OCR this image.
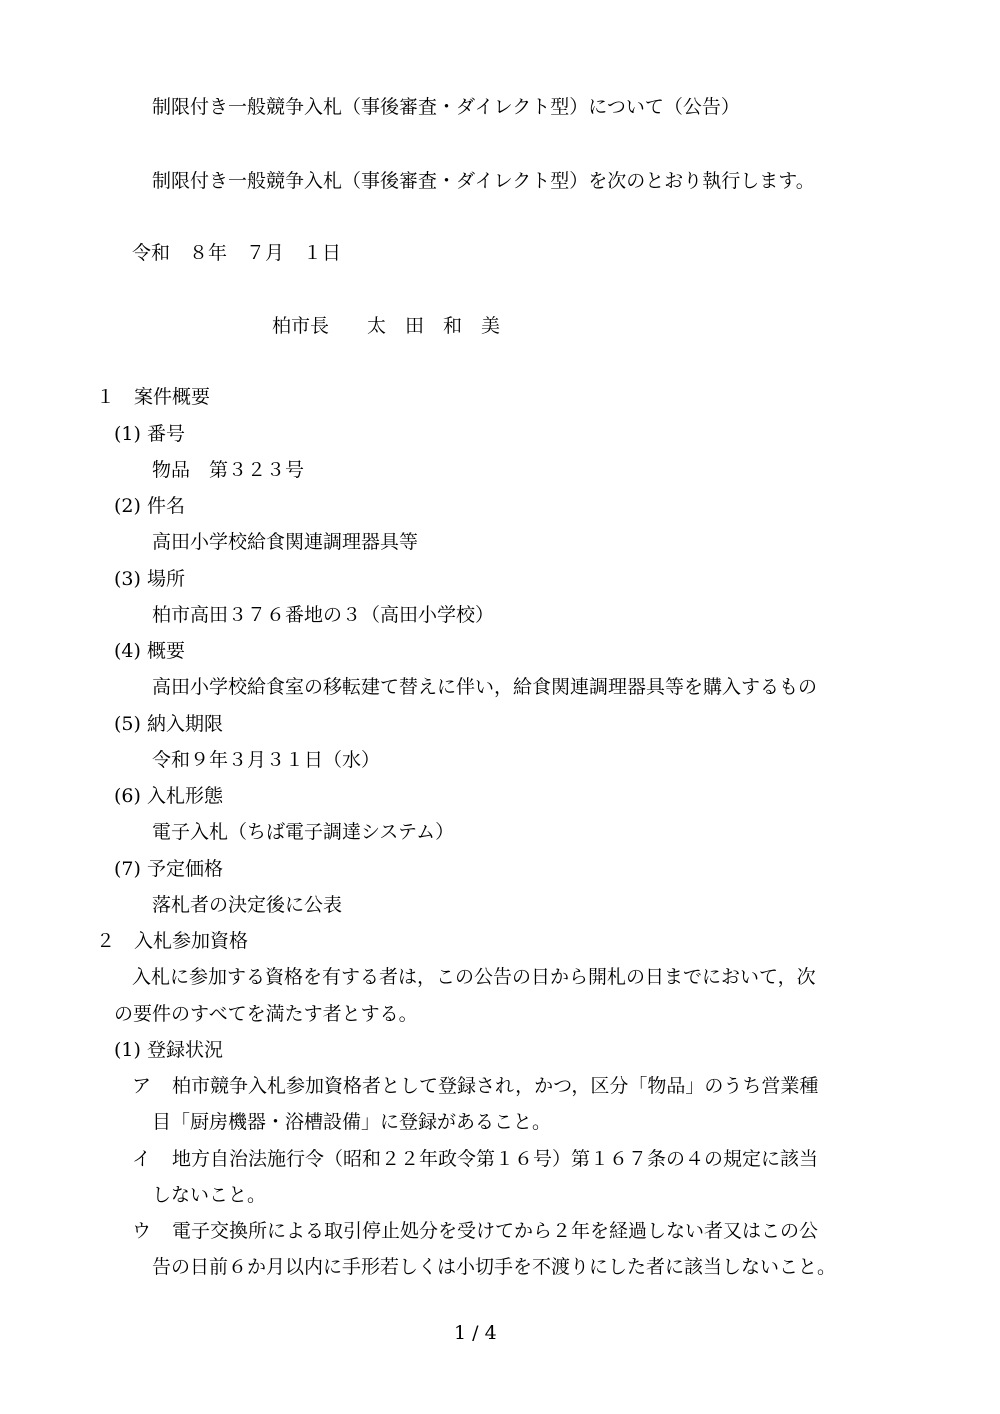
制限付き一般競争入札（事後審査・ダイレクト型）について（公告）
制限付き一般競争入札（事後審査・ダイレクト型）を次のとおり執行します。
令和　８年　７月　１日
柏市長　　太　田　和　美
１　案件概要
(1) 番号
物品　第３２３号
(2) 件名
高田小学校給食関連調理器具等
(3) 場所
柏市高田３７６番地の３（高田小学校）
(4) 概要
高田小学校給食室の移転建て替えに伴い，給食関連調理器具等を購入するもの
(5) 納入期限
令和９年３月３１日（水）
(6) 入札形態
電子入札（ちば電子調達システム）
(7) 予定価格
落札者の決定後に公表
２　入札参加資格
入札に参加する資格を有する者は，この公告の日から開札の日までにおいて，次
の要件のすべてを満たす者とする。
(1) 登録状況
ア 柏市競争入札参加資格者として登録され，かつ，区分「物品」のうち営業種
目「厨房機器・浴槽設備」に登録があること。
イ 地方自治法施行令（昭和２２年政令第１６号）第１６７条の４の規定に該当
しないこと。
ウ 電子交換所による取引停止処分を受けてから２年を経過しない者又はこの公
告の日前６か月以内に手形若しくは小切手を不渡りにした者に該当しないこと。
1 / 4
